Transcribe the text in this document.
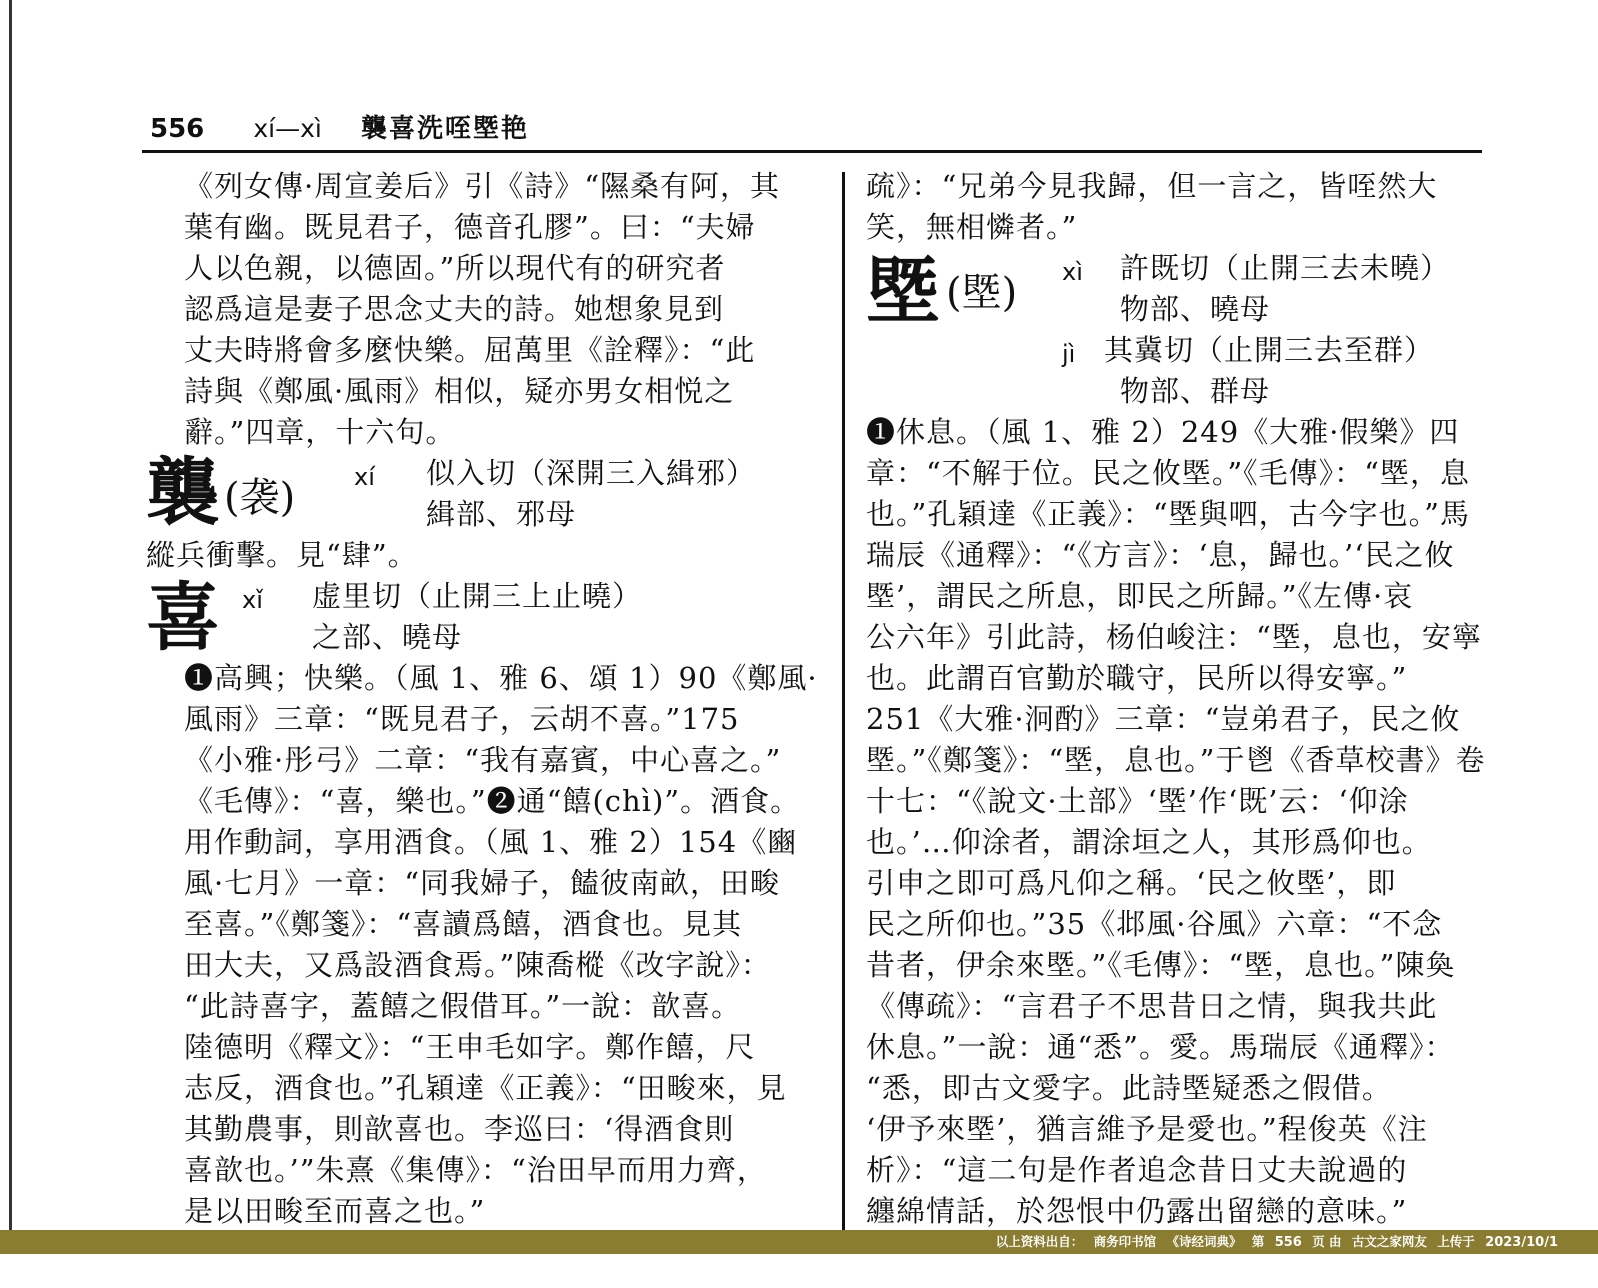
556 xí—xì 襲喜洗咥塈艳
《列女傳·周宣姜后》引《詩》“隰桑有阿，其
葉有幽。既見君子，德音孔膠”。曰：“夫婦
人以色親，以德固。”所以現代有的研究者
認爲這是妻子思念丈夫的詩。她想象見到
丈夫時將會多麼快樂。屈萬里《詮釋》：“此
詩與《鄭風·風雨》相似，疑亦男女相悦之
辭。”四章，十六句。
襲 (袭) xí 似入切（深開三入緝邪）
緝部、邪母
縱兵衝擊。見“肆”。
喜 xǐ 虚里切（止開三上止曉）
之部、曉母
❶高興；快樂。（風 1、雅 6、頌 1）90《鄭風·
風雨》三章：“既見君子，云胡不喜。”175
《小雅·彤弓》二章：“我有嘉賓，中心喜之。”
《毛傳》：“喜，樂也。”❷通“饎(chì)”。酒食。
用作動詞，享用酒食。（風 1、雅 2）154《豳
風·七月》一章：“同我婦子，饁彼南畝，田畯
至喜。”《鄭箋》：“喜讀爲饎，酒食也。見其
田大夫，又爲設酒食焉。”陳喬樅《改字說》：
“此詩喜字，蓋饎之假借耳。”一說：歆喜。
陸德明《釋文》：“王申毛如字。鄭作饎，尺
志反，酒食也。”孔穎達《正義》：“田畯來，見
其勤農事，則歆喜也。李巡曰：‘得酒食則
喜歆也。’”朱熹《集傳》：“治田早而用力齊，
是以田畯至而喜之也。”
疏》：“兄弟今見我歸，但一言之，皆咥然大
笑，無相憐者。”
塈 (塈) xì 許既切（止開三去未曉）
物部、曉母
jì 其冀切（止開三去至群）
物部、群母
❶休息。（風 1、雅 2）249《大雅·假樂》四
章：“不解于位。民之攸塈。”《毛傳》：“塈，息
也。”孔穎達《正義》：“塈與呬，古今字也。”馬
瑞辰《通釋》：“《方言》：‘息，歸也。’‘民之攸
塈’，謂民之所息，即民之所歸。”《左傳·哀
公六年》引此詩，杨伯峻注：“塈，息也，安寧
也。此謂百官勤於職守，民所以得安寧。”
251《大雅·泂酌》三章：“豈弟君子，民之攸
塈。”《鄭箋》：“塈，息也。”于鬯《香草校書》卷
十七：“《說文·土部》‘塈’作‘既’云：‘仰涂
也。’…仰涂者，謂涂垣之人，其形爲仰也。
引申之即可爲凡仰之稱。‘民之攸塈’，即
民之所仰也。”35《邶風·谷風》六章：“不念
昔者，伊余來塈。”《毛傳》：“塈，息也。”陳奐
《傳疏》：“言君子不思昔日之情，與我共此
休息。”一說：通“悉”。愛。馬瑞辰《通釋》：
“悉，即古文愛字。此詩塈疑悉之假借。
‘伊予來塈’，猶言維予是愛也。”程俊英《注
析》：“這二句是作者追念昔日丈夫說過的
纏綿情話，於怨恨中仍露出留戀的意味。”
以上资料出自： 商务印书馆 《诗经词典》 第 556 页 由 古文之家网友 上传于 2023/10/1
